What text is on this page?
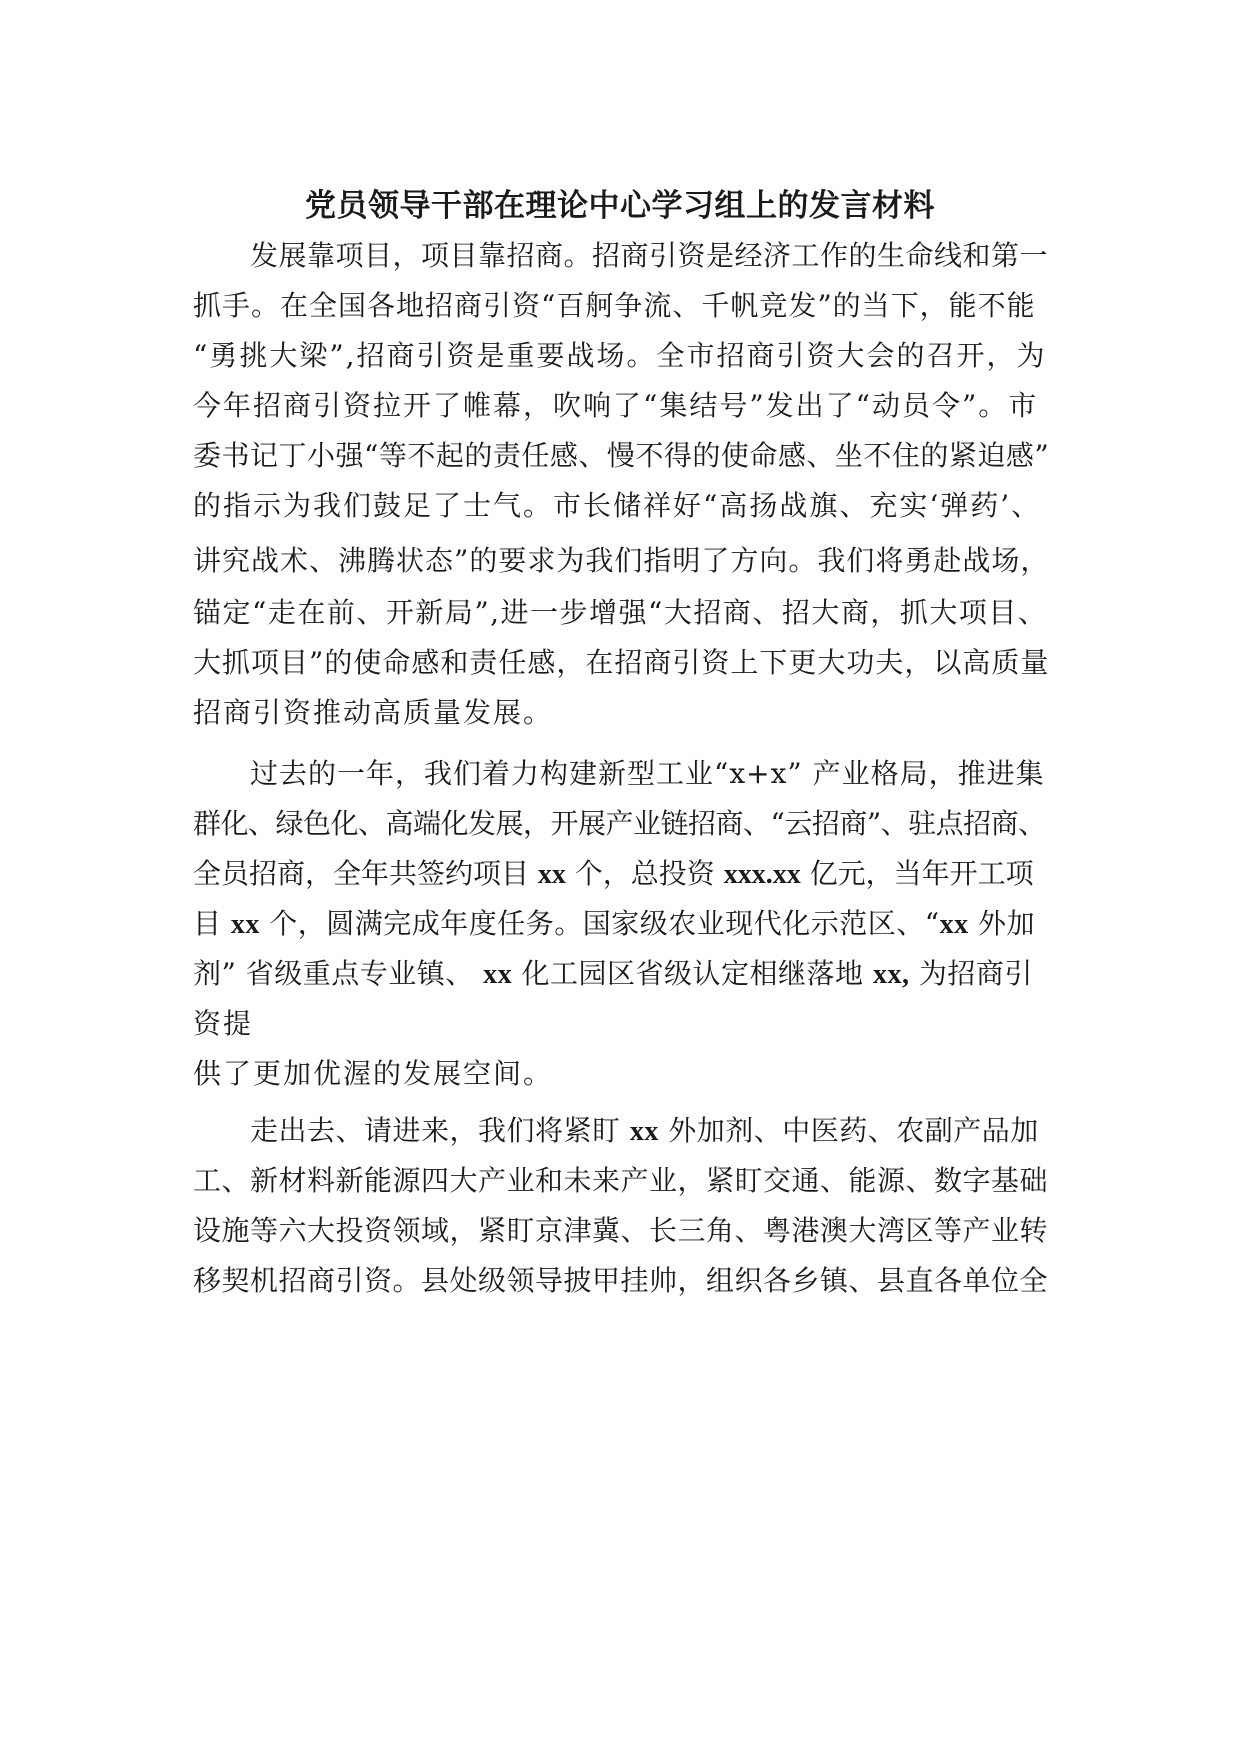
党员领导干部在理论中心学习组上的发言材料
发展靠项目，项目靠招商。招商引资是经济工作的生命线和第一
抓手。在全国各地招商引资“百舸争流、千帆竞发”的当下，能不能
“勇挑大梁”,招商引资是重要战场。全市招商引资大会的召开，为
今年招商引资拉开了帷幕，吹响了“集结号”发出了“动员令”。市
委书记丁小强“等不起的责任感、慢不得的使命感、坐不住的紧迫感”
的指示为我们鼓足了士气。市长储祥好“高扬战旗、充实‘弹药’、
讲究战术、沸腾状态”的要求为我们指明了方向。我们将勇赴战场，
锚定“走在前、开新局”,进一步增强“大招商、招大商，抓大项目、
大抓项目”的使命感和责任感，在招商引资上下更大功夫，以高质量
招商引资推动高质量发展。
过去的一年，我们着力构建新型工业“x+x” 产业格局，推进集
群化、绿色化、高端化发展，开展产业链招商、“云招商”、驻点招商、
全员招商，全年共签约项目 xx 个，总投资 xxx.xx 亿元，当年开工项
目 xx 个，圆满完成年度任务。国家级农业现代化示范区、“xx 外加
剂” 省级重点专业镇、 xx 化工园区省级认定相继落地 xx, 为招商引
资提
供了更加优渥的发展空间。
走出去、请进来，我们将紧盯 xx 外加剂、中医药、农副产品加
工、新材料新能源四大产业和未来产业，紧盯交通、能源、数字基础
设施等六大投资领域，紧盯京津冀、长三角、粤港澳大湾区等产业转
移契机招商引资。县处级领导披甲挂帅，组织各乡镇、县直各单位全
